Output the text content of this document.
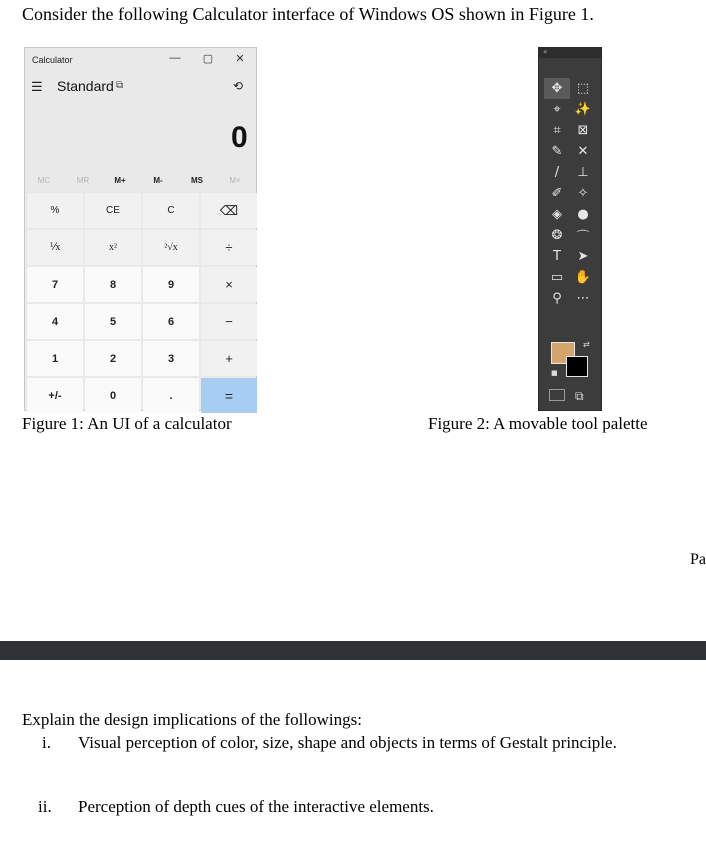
Consider the following Calculator interface of Windows OS shown in Figure 1.
Calculator	— ▢	✕
☰ Standard ⧉	⟲
0
MC	MR	M+	M-	MS	M˅
%	CE	C	⌫
⅟x	x²	²√x	÷
7	8	9	×
4	5	6	−
1	2	3	+
+/-	0	.	=
«
✥	⬚
⌖	✨
⌗	⊠
✎	✕
/	⊥
✐	✧
◈	●
❂	⌒
T	➤
▭ ✋
⚲	⋯
⇄
■
⧉
Figure 1: An UI of a calculator	Figure 2: A movable tool palette
Pa
Explain the design implications of the followings:
i. Visual perception of color, size, shape and objects in terms of Gestalt principle.
ii. Perception of depth cues of the interactive elements.
